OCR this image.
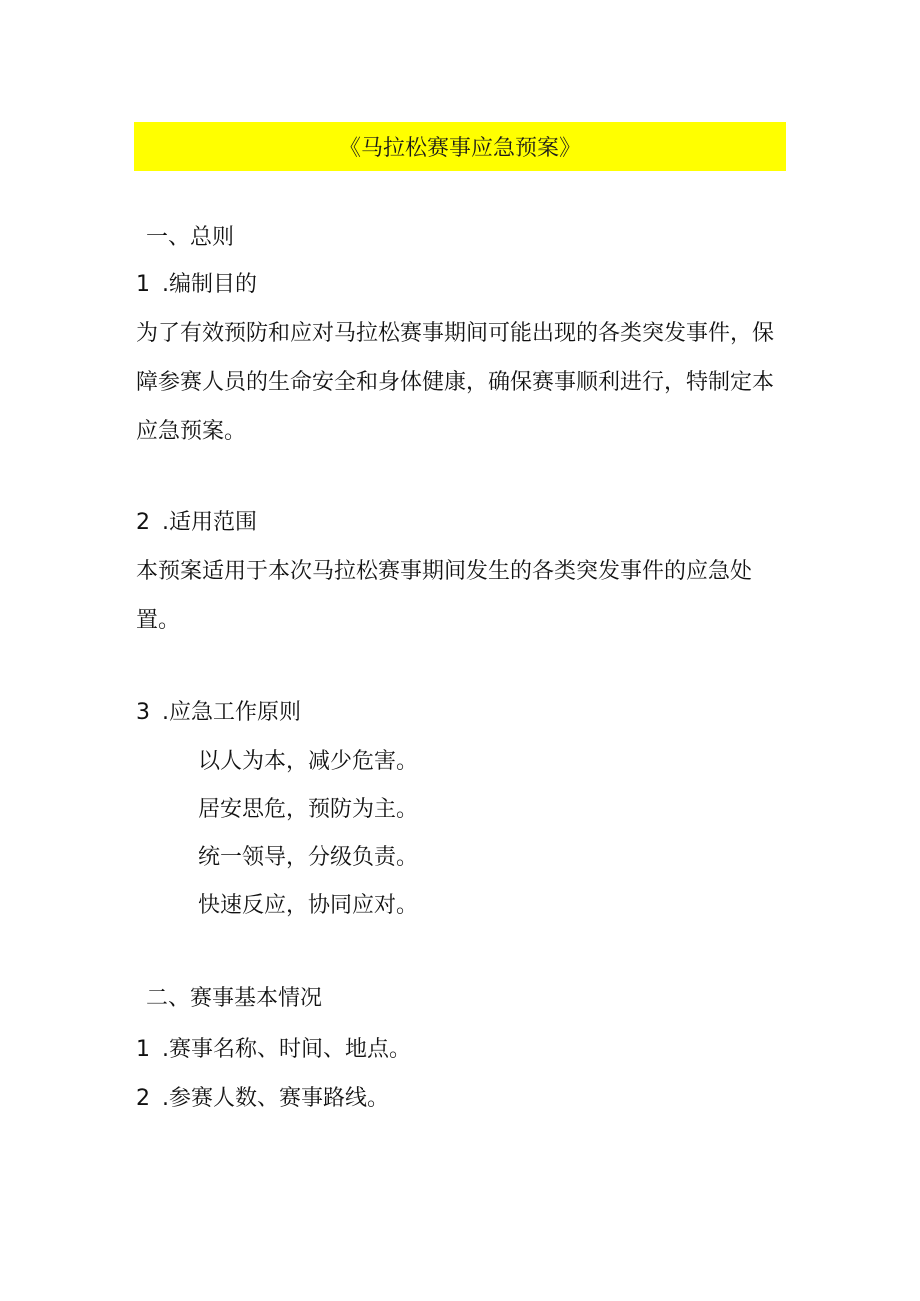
《马拉松赛事应急预案》
一、总则
1 .编制目的
为了有效预防和应对马拉松赛事期间可能出现的各类突发事件，保
障参赛人员的生命安全和身体健康，确保赛事顺利进行，特制定本
应急预案。
2 .适用范围
本预案适用于本次马拉松赛事期间发生的各类突发事件的应急处
置。
3 .应急工作原则
以人为本，减少危害。
居安思危，预防为主。
统一领导，分级负责。
快速反应，协同应对。
二、赛事基本情况
1 .赛事名称、时间、地点。
2 .参赛人数、赛事路线。
